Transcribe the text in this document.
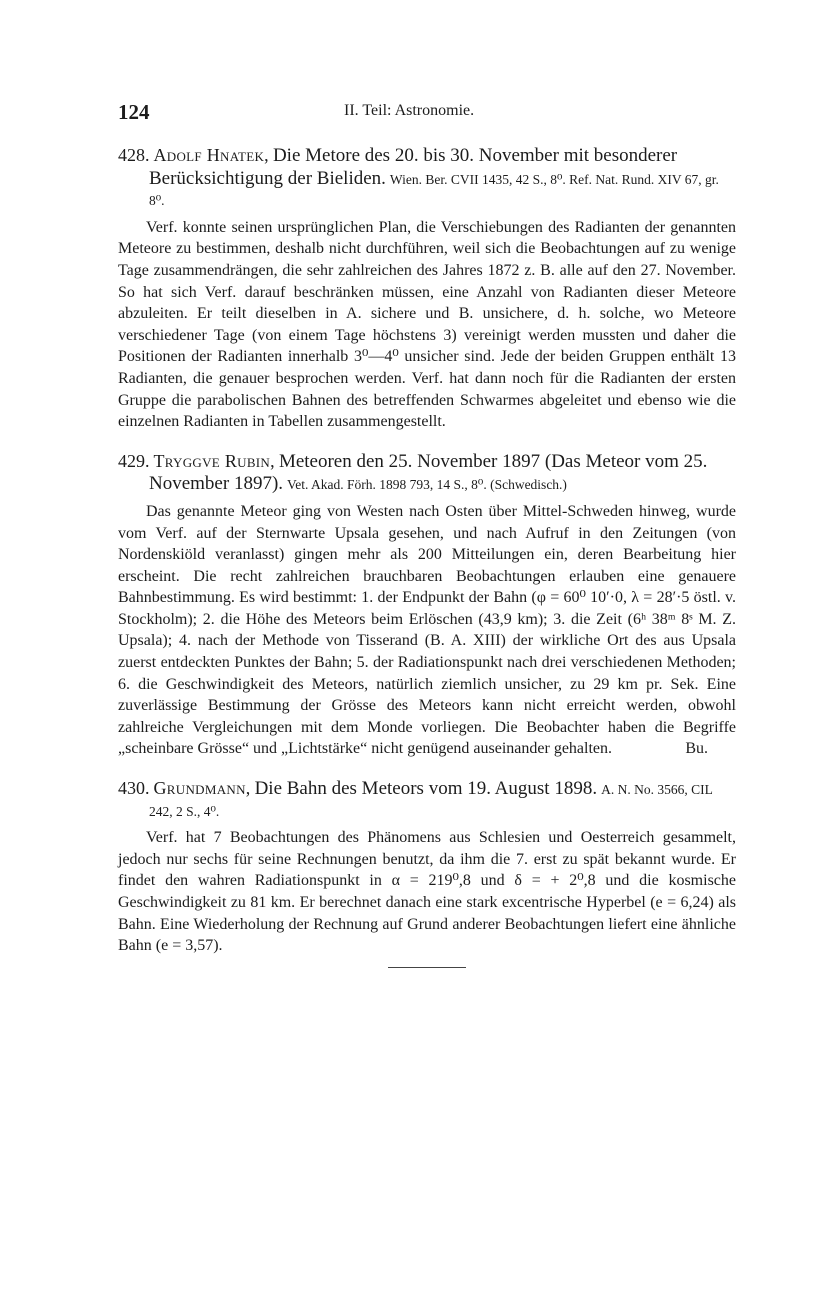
124	II. Teil: Astronomie.

428. Adolf Hnatek, Die Metore des 20. bis 30. November mit besonderer Berücksichtigung der Bieliden. Wien. Ber. CVII 1435, 42 S., 8⁰. Ref. Nat. Rund. XIV 67, gr. 8⁰.

Verf. konnte seinen ursprünglichen Plan, die Verschiebungen des Radianten der genannten Meteore zu bestimmen, deshalb nicht durchführen, weil sich die Beobachtungen auf zu wenige Tage zusammendrängen, die sehr zahlreichen des Jahres 1872 z. B. alle auf den 27. November. So hat sich Verf. darauf beschränken müssen, eine Anzahl von Radianten dieser Meteore abzuleiten. Er teilt dieselben in A. sichere und B. unsichere, d. h. solche, wo Meteore verschiedener Tage (von einem Tage höchstens 3) vereinigt werden mussten und daher die Positionen der Radianten innerhalb 3⁰—4⁰ unsicher sind. Jede der beiden Gruppen enthält 13 Radianten, die genauer besprochen werden. Verf. hat dann noch für die Radianten der ersten Gruppe die parabolischen Bahnen des betreffenden Schwarmes abgeleitet und ebenso wie die einzelnen Radianten in Tabellen zusammengestellt.

429. Tryggve Rubin, Meteoren den 25. November 1897 (Das Meteor vom 25. November 1897). Vet. Akad. Förh. 1898 793, 14 S., 8⁰. (Schwedisch.)

Das genannte Meteor ging von Westen nach Osten über Mittel-Schweden hinweg, wurde vom Verf. auf der Sternwarte Upsala gesehen, und nach Aufruf in den Zeitungen (von Nordenskiöld veranlasst) gingen mehr als 200 Mitteilungen ein, deren Bearbeitung hier erscheint. Die recht zahlreichen brauchbaren Beobachtungen erlauben eine genauere Bahnbestimmung. Es wird bestimmt: 1. der Endpunkt der Bahn (φ = 60⁰ 10′·0, λ = 28′·5 östl. v. Stockholm); 2. die Höhe des Meteors beim Erlöschen (43,9 km); 3. die Zeit (6ʰ 38ᵐ 8ˢ M. Z. Upsala); 4. nach der Methode von Tisserand (B. A. XIII) der wirkliche Ort des aus Upsala zuerst entdeckten Punktes der Bahn; 5. der Radiationspunkt nach drei verschiedenen Methoden; 6. die Geschwindigkeit des Meteors, natürlich ziemlich unsicher, zu 29 km pr. Sek. Eine zuverlässige Bestimmung der Grösse des Meteors kann nicht erreicht werden, obwohl zahlreiche Vergleichungen mit dem Monde vorliegen. Die Beobachter haben die Begriffe „scheinbare Grösse“ und „Lichtstärke“ nicht genügend auseinander gehalten.	Bu.

430. Grundmann, Die Bahn des Meteors vom 19. August 1898. A. N. No. 3566, CIL 242, 2 S., 4⁰.

Verf. hat 7 Beobachtungen des Phänomens aus Schlesien und Oesterreich gesammelt, jedoch nur sechs für seine Rechnungen benutzt, da ihm die 7. erst zu spät bekannt wurde. Er findet den wahren Radiationspunkt in α = 219⁰,8 und δ = + 2⁰,8 und die kosmische Geschwindigkeit zu 81 km. Er berechnet danach eine stark excentrische Hyperbel (e = 6,24) als Bahn. Eine Wiederholung der Rechnung auf Grund anderer Beobachtungen liefert eine ähnliche Bahn (e = 3,57).
